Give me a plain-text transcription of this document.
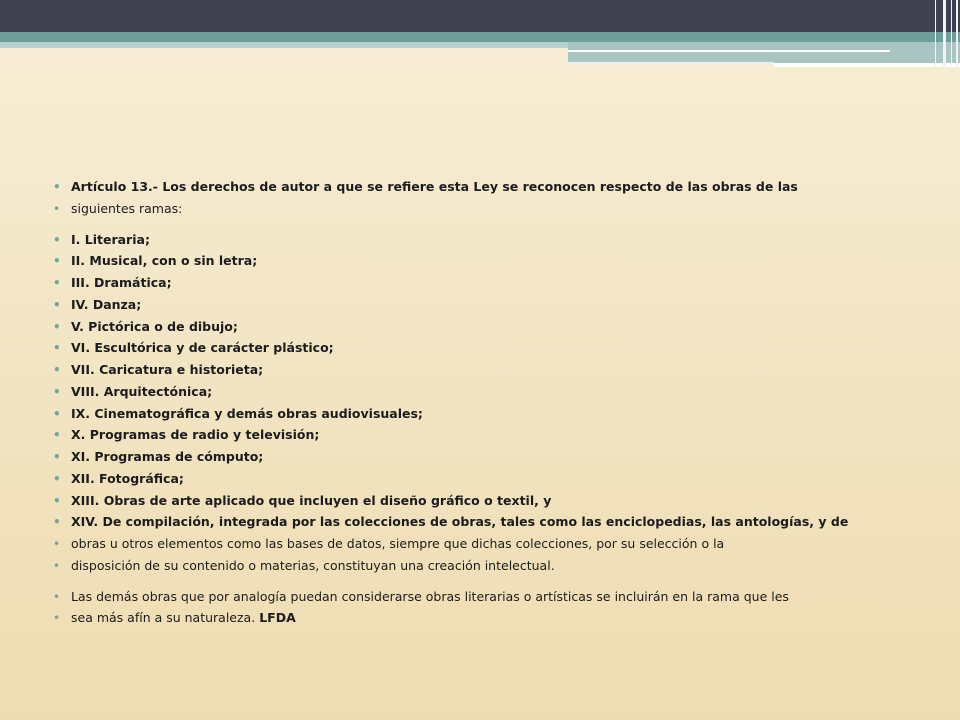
• Artículo 13.- Los derechos de autor a que se refiere esta Ley se reconocen respecto de las obras de las
• siguientes ramas:
• I. Literaria;
• II. Musical, con o sin letra;
• III. Dramática;
• IV. Danza;
• V. Pictórica o de dibujo;
• VI. Escultórica y de carácter plástico;
• VII. Caricatura e historieta;
• VIII. Arquitectónica;
• IX. Cinematográfica y demás obras audiovisuales;
• X. Programas de radio y televisión;
• XI. Programas de cómputo;
• XII. Fotográfica;
• XIII. Obras de arte aplicado que incluyen el diseño gráfico o textil, y
• XIV. De compilación, integrada por las colecciones de obras, tales como las enciclopedias, las antologías, y de
• obras u otros elementos como las bases de datos, siempre que dichas colecciones, por su selección o la
• disposición de su contenido o materias, constituyan una creación intelectual.
• Las demás obras que por analogía puedan considerarse obras literarias o artísticas se incluirán en la rama que les
• sea más afín a su naturaleza. LFDA
